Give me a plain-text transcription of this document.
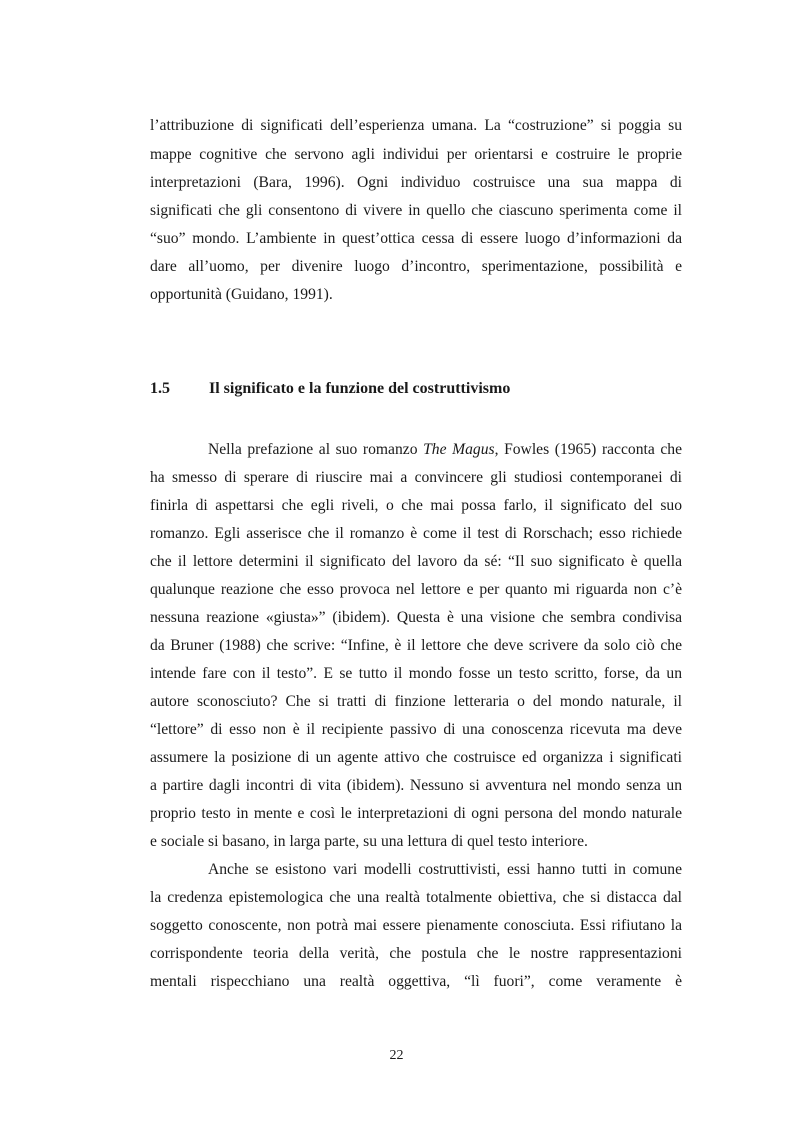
l’attribuzione di significati dell’esperienza umana. La “costruzione” si poggia su
mappe cognitive che servono agli individui per orientarsi e costruire le proprie
interpretazioni (Bara, 1996). Ogni individuo costruisce una sua mappa di
significati che gli consentono di vivere in quello che ciascuno sperimenta come il
“suo” mondo. L’ambiente in quest’ottica cessa di essere luogo d’informazioni da
dare all’uomo, per divenire luogo d’incontro, sperimentazione, possibilità e
opportunità (Guidano, 1991).
1.5 Il significato e la funzione del costruttivismo
Nella prefazione al suo romanzo The Magus, Fowles (1965) racconta che
ha smesso di sperare di riuscire mai a convincere gli studiosi contemporanei di
finirla di aspettarsi che egli riveli, o che mai possa farlo, il significato del suo
romanzo. Egli asserisce che il romanzo è come il test di Rorschach; esso richiede
che il lettore determini il significato del lavoro da sé: “Il suo significato è quella
qualunque reazione che esso provoca nel lettore e per quanto mi riguarda non c’è
nessuna reazione «giusta»” (ibidem). Questa è una visione che sembra condivisa
da Bruner (1988) che scrive: “Infine, è il lettore che deve scrivere da solo ciò che
intende fare con il testo”. E se tutto il mondo fosse un testo scritto, forse, da un
autore sconosciuto? Che si tratti di finzione letteraria o del mondo naturale, il
“lettore” di esso non è il recipiente passivo di una conoscenza ricevuta ma deve
assumere la posizione di un agente attivo che costruisce ed organizza i significati
a partire dagli incontri di vita (ibidem). Nessuno si avventura nel mondo senza un
proprio testo in mente e così le interpretazioni di ogni persona del mondo naturale
e sociale si basano, in larga parte, su una lettura di quel testo interiore.
Anche se esistono vari modelli costruttivisti, essi hanno tutti in comune
la credenza epistemologica che una realtà totalmente obiettiva, che si distacca dal
soggetto conoscente, non potrà mai essere pienamente conosciuta. Essi rifiutano la
corrispondente teoria della verità, che postula che le nostre rappresentazioni
mentali rispecchiano una realtà oggettiva, “lì fuori”, come veramente è
22
